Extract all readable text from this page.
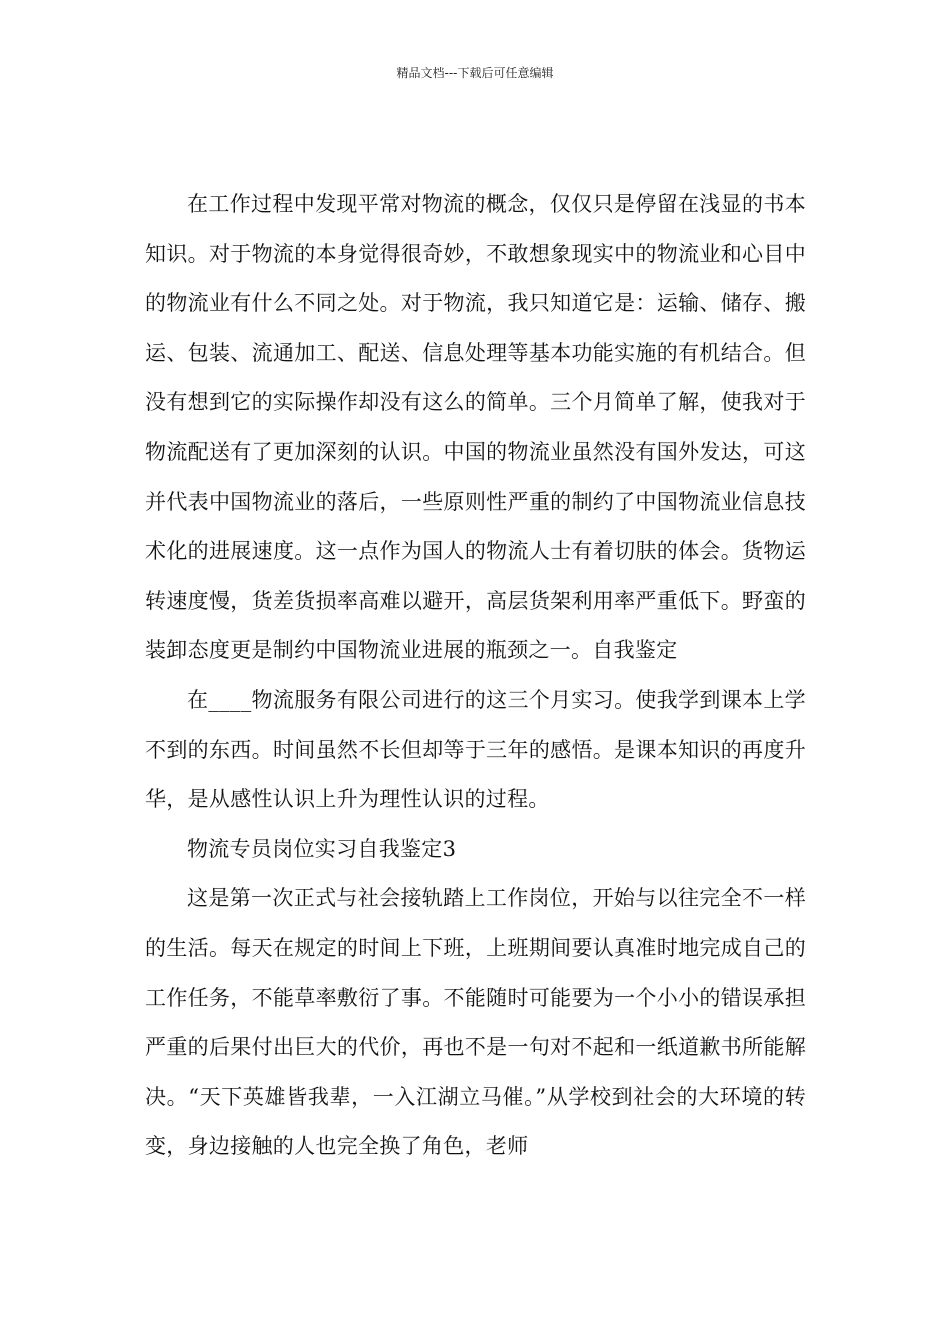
精品文档---下载后可任意编辑

在工作过程中发现平常对物流的概念，仅仅只是停留在浅显的书本知识。对于物流的本身觉得很奇妙，不敢想象现实中的物流业和心目中的物流业有什么不同之处。对于物流，我只知道它是：运输、储存、搬运、包装、流通加工、配送、信息处理等基本功能实施的有机结合。但没有想到它的实际操作却没有这么的简单。三个月简单了解，使我对于物流配送有了更加深刻的认识。中国的物流业虽然没有国外发达，可这并代表中国物流业的落后，一些原则性严重的制约了中国物流业信息技术化的进展速度。这一点作为国人的物流人士有着切肤的体会。货物运转速度慢，货差货损率高难以避开，高层货架利用率严重低下。野蛮的装卸态度更是制约中国物流业进展的瓶颈之一。自我鉴定

在____物流服务有限公司进行的这三个月实习。使我学到课本上学不到的东西。时间虽然不长但却等于三年的感悟。是课本知识的再度升华，是从感性认识上升为理性认识的过程。

物流专员岗位实习自我鉴定3

这是第一次正式与社会接轨踏上工作岗位，开始与以往完全不一样的生活。每天在规定的时间上下班，上班期间要认真准时地完成自己的工作任务，不能草率敷衍了事。不能随时可能要为一个小小的错误承担严重的后果付出巨大的代价，再也不是一句对不起和一纸道歉书所能解决。“天下英雄皆我辈，一入江湖立马催。”从学校到社会的大环境的转变，身边接触的人也完全换了角色，老师
